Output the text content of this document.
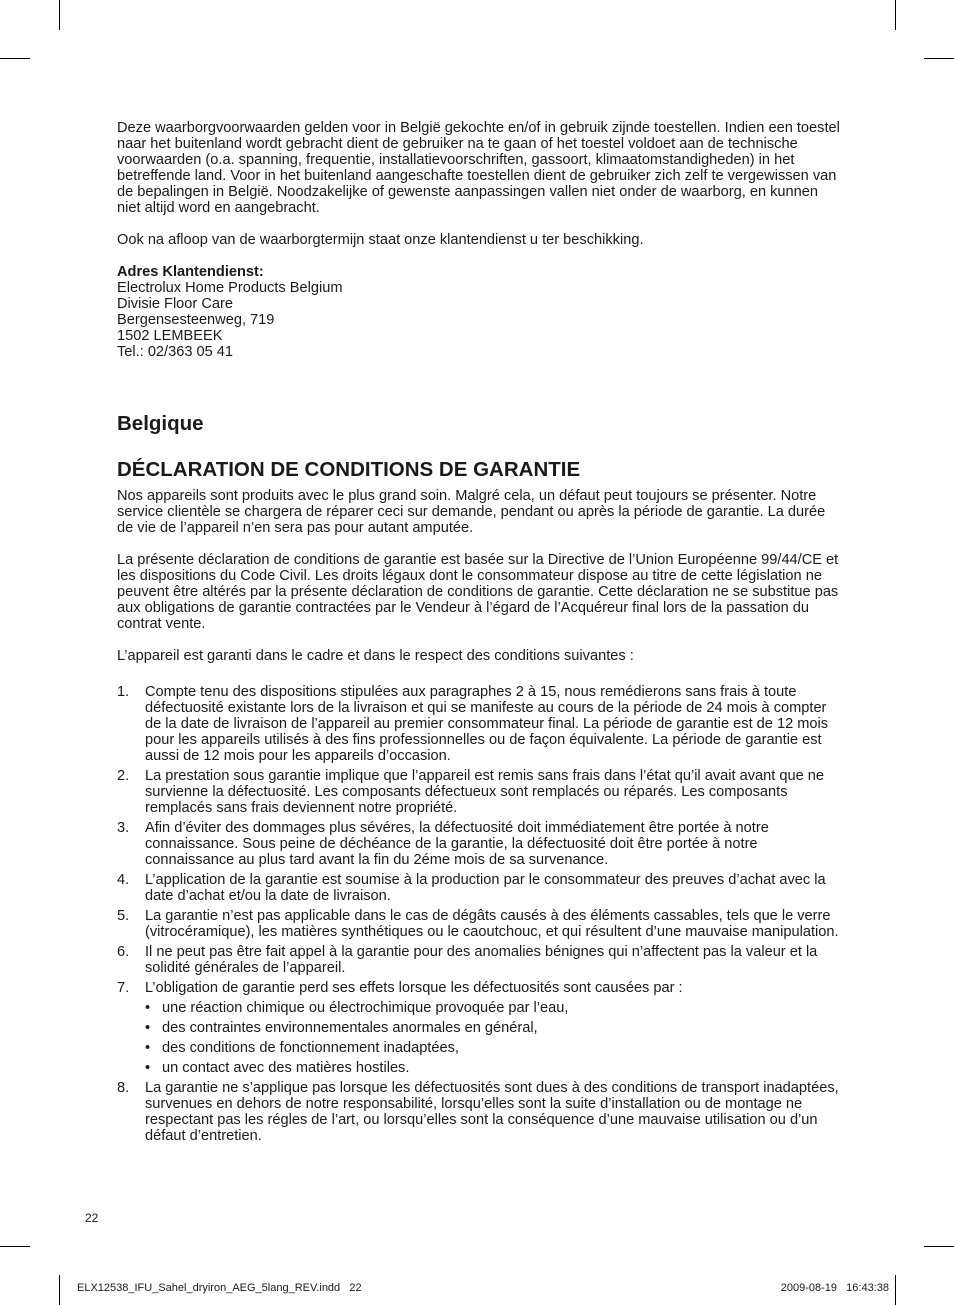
Deze waarborgvoorwaarden gelden voor in België gekochte en/of in gebruik zijnde toestellen. Indien een toestel naar het buitenland wordt gebracht dient de gebruiker na te gaan of het toestel voldoet aan de technische voorwaarden (o.a. spanning, frequentie, installatievoorschriften, gassoort, klimaatomstandigheden) in het betreffende land. Voor in het buitenland aangeschafte toestellen dient de gebruiker zich zelf te vergewissen van de bepalingen in België. Noodzakelijke of gewenste aanpassingen vallen niet onder de waarborg, en kunnen niet altijd word en aangebracht.

Ook na afloop van de waarborgtermijn staat onze klantendienst u ter beschikking.

Adres Klantendienst:
Electrolux Home Products Belgium
Divisie Floor Care
Bergensesteenweg, 719
1502 LEMBEEK
Tel.: 02/363 05 41
Belgique
DÉCLARATION DE CONDITIONS DE GARANTIE

Nos appareils sont produits avec le plus grand soin. Malgré cela, un défaut peut toujours se présenter. Notre service clientèle se chargera de réparer ceci sur demande, pendant ou après la période de garantie. La durée de vie de l’appareil n’en sera pas pour autant amputée.

La présente déclaration de conditions de garantie est basée sur la Directive de l’Union Européenne 99/44/CE et les dispositions du Code Civil. Les droits légaux dont le consommateur dispose au titre de cette législation ne peuvent être altérés par la présente déclaration de conditions de garantie. Cette déclaration ne se substitue pas aux obligations de garantie contractées par le Vendeur à l’égard de l’Acquéreur final lors de la passation du contrat vente.

L’appareil est garanti dans le cadre et dans le respect des conditions suivantes :

1. Compte tenu des dispositions stipulées aux paragraphes 2 à 15, nous remédierons sans frais à toute défectuosité existante lors de la livraison et qui se manifeste au cours de la période de 24 mois à compter de la date de livraison de l’appareil au premier consommateur final. La période de garantie est de 12 mois pour les appareils utilisés à des fins professionnelles ou de façon équivalente. La période de garantie est aussi de 12 mois pour les appareils d’occasion.
2. La prestation sous garantie implique que l’appareil est remis sans frais dans l’état qu’il avait avant que ne survienne la défectuosité. Les composants défectueux sont remplacés ou réparés. Les composants remplacés sans frais deviennent notre propriété.
3. Afin d’éviter des dommages plus sévéres, la défectuosité doit immédiatement être portée à notre connaissance. Sous peine de déchéance de la garantie, la défectuosité doit être portée à notre connaissance au plus tard avant la fin du 2éme mois de sa survenance.
4. L’application de la garantie est soumise à la production par le consommateur des preuves d’achat avec la date d’achat et/ou la date de livraison.
5. La garantie n’est pas applicable dans le cas de dégâts causés à des éléments cassables, tels que le verre (vitrocéramique), les matières synthétiques ou le caoutchouc, et qui résultent d’une mauvaise manipulation.
6. Il ne peut pas être fait appel à la garantie pour des anomalies bénignes qui n’affectent pas la valeur et la solidité générales de l’appareil.
7. L’obligation de garantie perd ses effets lorsque les défectuosités sont causées par :
• une réaction chimique ou électrochimique provoquée par l’eau,
• des contraintes environnementales anormales en général,
• des conditions de fonctionnement inadaptées,
• un contact avec des matières hostiles.
8. La garantie ne s’applique pas lorsque les défectuosités sont dues à des conditions de transport inadaptées, survenues en dehors de notre responsabilité, lorsqu’elles sont la suite d’installation ou de montage ne respectant pas les régles de l’art, ou lorsqu’elles sont la conséquence d’une mauvaise utilisation ou d’un défaut d’entretien.
22
ELX12538_IFU_Sahel_dryiron_AEG_5lang_REV.indd   22	2009-08-19   16:43:38
